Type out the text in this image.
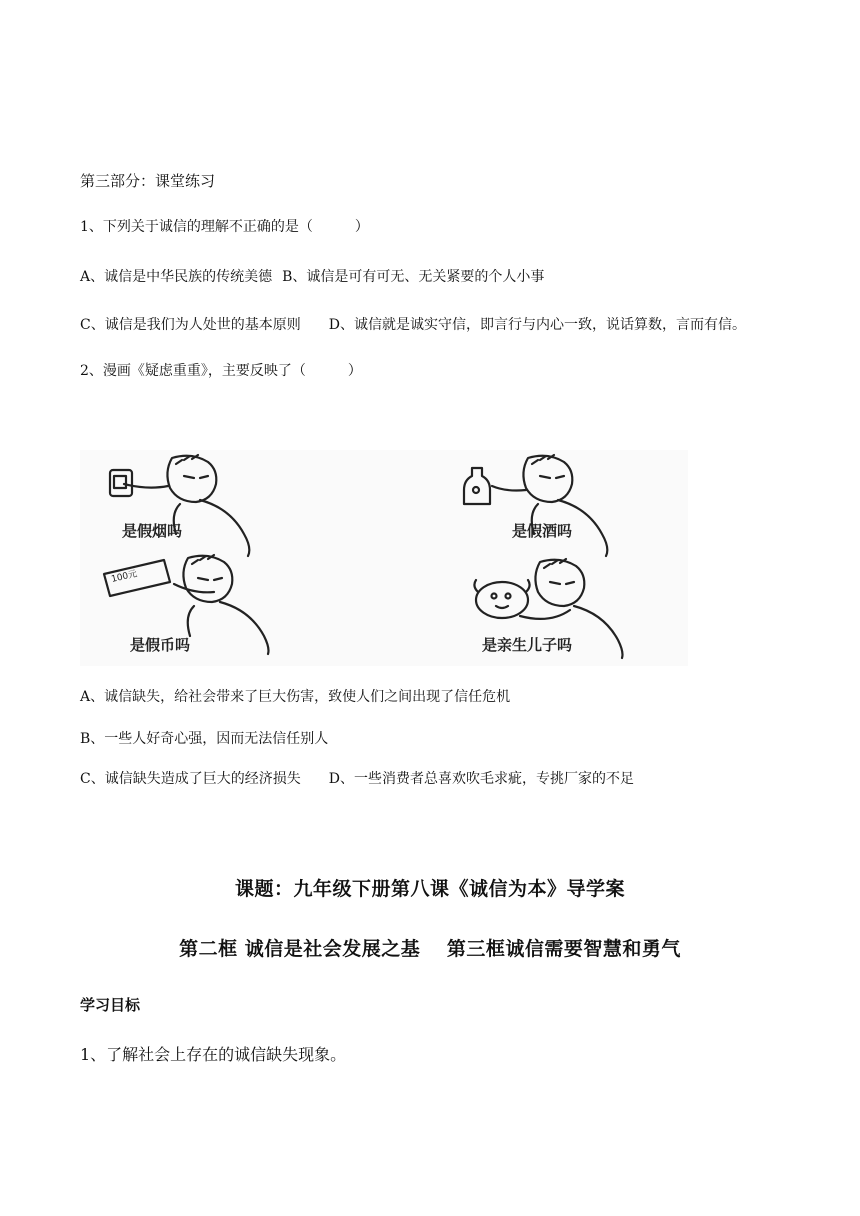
第三部分：课堂练习
1、下列关于诚信的理解不正确的是（　　　）
A、诚信是中华民族的传统美德 B、诚信是可有可无、无关紧要的个人小事
C、诚信是我们为人处世的基本原则 D、诚信就是诚实守信，即言行与内心一致，说话算数，言而有信。
2、漫画《疑虑重重》，主要反映了（　　　）
100元
是假烟吗	是假酒吗
是假币吗	是亲生儿子吗
A、诚信缺失，给社会带来了巨大伤害，致使人们之间出现了信任危机
B、一些人好奇心强，因而无法信任别人
C、诚信缺失造成了巨大的经济损失 D、一些消费者总喜欢吹毛求疵，专挑厂家的不足
课题：九年级下册第八课《诚信为本》导学案
第二框 诚信是社会发展之基　 第三框诚信需要智慧和勇气
学习目标
1、了解社会上存在的诚信缺失现象。
